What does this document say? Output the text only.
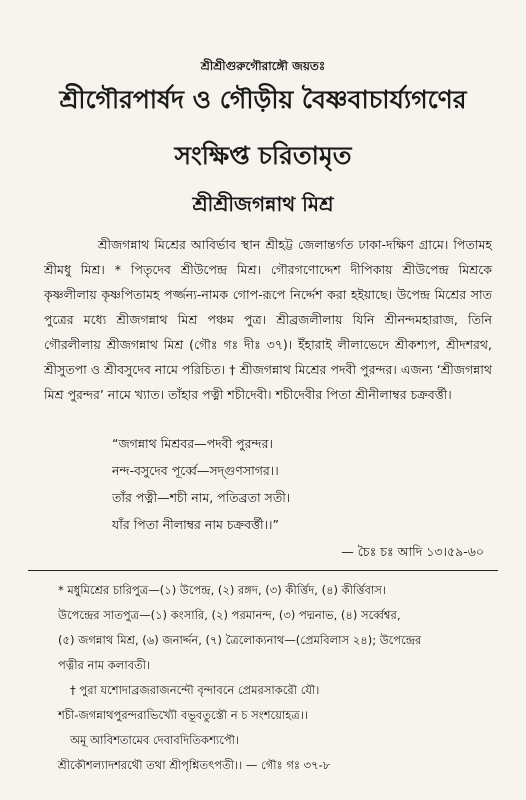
শ্রীশ্রীগুরুগৌরাঙ্গৌ জয়তঃ
শ্রীগৌরপার্ষদ ও গৌড়ীয় বৈষ্ণবাচার্য্যগণের
সংক্ষিপ্ত চরিতামৃত
শ্রীশ্রীজগন্নাথ মিশ্র

শ্রীজগন্নাথ মিশ্রের আবির্ভাব স্থান শ্রীহট্ট জেলান্তর্গত ঢাকা-দক্ষিণ গ্রামে। পিতামহ শ্রীমধু মিশ্র। * পিতৃদেব শ্রীউপেন্দ্র মিশ্র। গৌরগণোদ্দেশ দীপিকায় শ্রীউপেন্দ্র মিশ্রকে কৃষ্ণলীলায় কৃষ্ণপিতামহ পর্জ্জন্য-নামক গোপ-রূপে নির্দ্দেশ করা হইয়াছে। উপেন্দ্র মিশ্রের সাত পুত্রের মধ্যে শ্রীজগন্নাথ মিশ্র পঞ্চম পুত্র। শ্রীব্রজলীলায় যিনি শ্রীনন্দমহারাজ, তিনি গৌরলীলায় শ্রীজগন্নাথ মিশ্র (গৌঃ গঃ দীঃ ৩৭)। ইঁহারাই লীলাভেদে শ্রীকশ্যপ, শ্রীদশরথ, শ্রীসুতপা ও শ্রীবসুদেব নামে পরিচিত। † শ্রীজগন্নাথ মিশ্রের পদবী পুরন্দর। এজন্য ‘শ্রীজগন্নাথ মিশ্র পুরন্দর’ নামে খ্যাত। তাঁহার পত্নী শচীদেবী। শচীদেবীর পিতা শ্রীনীলাম্বর চক্রবর্ত্তী।

“জগন্নাথ মিশ্রবর—পদবী পুরন্দর।
নন্দ-বসুদেব পূর্ব্বে—সদ্গুণসাগর।।
তাঁর পত্নী—শচী নাম, পতিব্রতা সতী।
যাঁর পিতা নীলাম্বর নাম চক্রবর্ত্তী।।”
— চৈঃ চঃ আদি ১৩।৫৯-৬০
* মধুমিশ্রের চারিপুত্র—(১) উপেন্দ্র, (২) রঙ্গদ, (৩) কীর্ত্তিদ, (৪) কীর্ত্তিবাস।
উপেন্দ্রের সাতপুত্র—(১) কংসারি, (২) পরমানন্দ, (৩) পদ্মনাভ, (৪) সর্ব্বেশ্বর,
(৫) জগন্নাথ মিশ্র, (৬) জনার্দ্দন, (৭) ত্রৈলোক্যনাথ—(প্রেমবিলাস ২৪); উপেন্দ্রের
পত্নীর নাম কলাবতী।
† পুরা যশোদাব্রজরাজনন্দৌ বৃন্দাবনে প্রেমরসাকরৌ যৌ।
শচী-জগন্নাথপুরন্দরাভিখ্যৌ বভূবতুস্তৌ ন চ সংশয়োহত্র।।
অমূ আবিশতামেব দেবাবদিতিকশ্যপৌ।
শ্রীকৌশল্যাদশরথৌ তথা শ্রীপৃশ্নিতৎপতী।। — গৌঃ গঃ ৩৭-৮
